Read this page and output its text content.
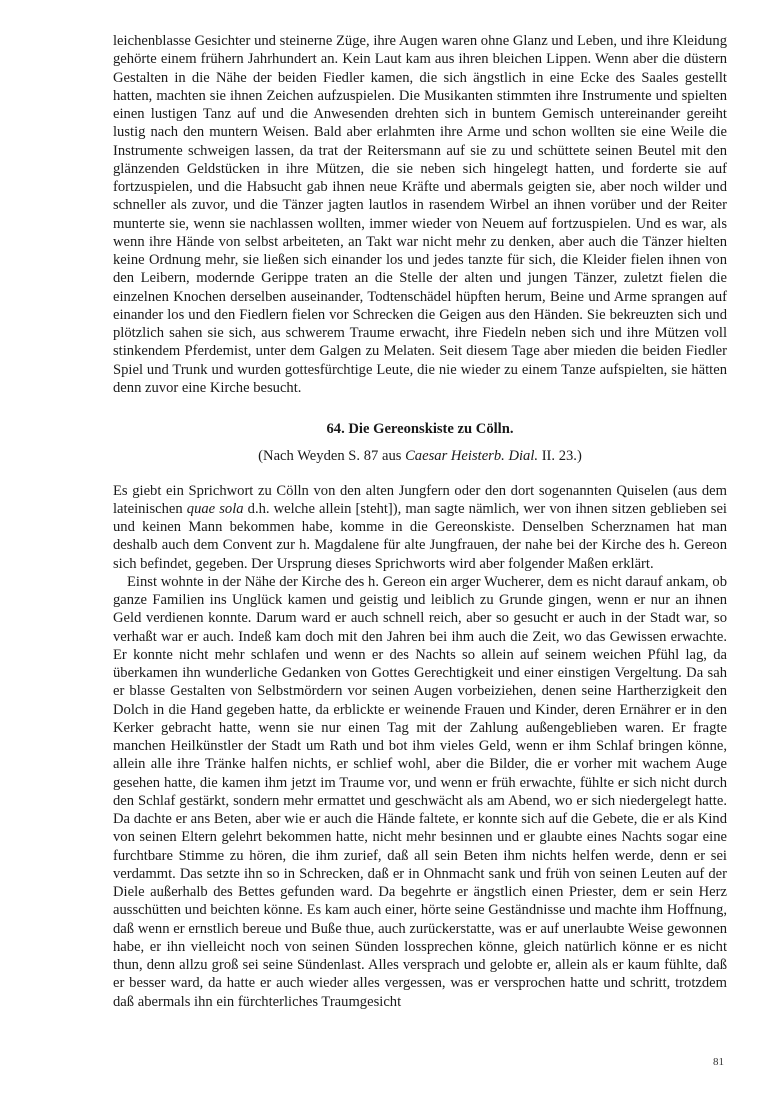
leichenblasse Gesichter und steinerne Züge, ihre Augen waren ohne Glanz und Leben, und ihre Kleidung gehörte einem frühern Jahrhundert an. Kein Laut kam aus ihren bleichen Lippen. Wenn aber die düstern Gestalten in die Nähe der beiden Fiedler kamen, die sich ängstlich in eine Ecke des Saales gestellt hatten, machten sie ihnen Zeichen aufzuspielen. Die Musikanten stimmten ihre Instrumente und spielten einen lustigen Tanz auf und die Anwesenden drehten sich in buntem Gemisch untereinander gereiht lustig nach den muntern Weisen. Bald aber erlahmten ihre Arme und schon wollten sie eine Weile die Instrumente schweigen lassen, da trat der Reitersmann auf sie zu und schüttete seinen Beutel mit den glänzenden Geldstücken in ihre Mützen, die sie neben sich hingelegt hatten, und forderte sie auf fortzuspielen, und die Habsucht gab ihnen neue Kräfte und abermals geigten sie, aber noch wilder und schneller als zuvor, und die Tänzer jagten lautlos in rasendem Wirbel an ihnen vorüber und der Reiter munterte sie, wenn sie nachlassen wollten, immer wieder von Neuem auf fortzuspielen. Und es war, als wenn ihre Hände von selbst arbeiteten, an Takt war nicht mehr zu denken, aber auch die Tänzer hielten keine Ordnung mehr, sie ließen sich einander los und jedes tanzte für sich, die Kleider fielen ihnen von den Leibern, modernde Gerippe traten an die Stelle der alten und jungen Tänzer, zuletzt fielen die einzelnen Knochen derselben auseinander, Todtenschädel hüpften herum, Beine und Arme sprangen auf einander los und den Fiedlern fielen vor Schrecken die Geigen aus den Händen. Sie bekreuzten sich und plötzlich sahen sie sich, aus schwerem Traume erwacht, ihre Fiedeln neben sich und ihre Mützen voll stinkendem Pferdemist, unter dem Galgen zu Melaten. Seit diesem Tage aber mieden die beiden Fiedler Spiel und Trunk und wurden gottesfürchtige Leute, die nie wieder zu einem Tanze aufspielten, sie hätten denn zuvor eine Kirche besucht.

64. Die Gereonskiste zu Cölln.
(Nach Weyden S. 87 aus Caesar Heisterb. Dial. II. 23.)

Es giebt ein Sprichwort zu Cölln von den alten Jungfern oder den dort sogenannten Quiselen (aus dem lateinischen quae sola d.h. welche allein [steht]), man sagte nämlich, wer von ihnen sitzen geblieben sei und keinen Mann bekommen habe, komme in die Gereonskiste. Denselben Scherznamen hat man deshalb auch dem Convent zur h. Magdalene für alte Jungfrauen, der nahe bei der Kirche des h. Gereon sich befindet, gegeben. Der Ursprung dieses Sprichworts wird aber folgender Maßen erklärt.

Einst wohnte in der Nähe der Kirche des h. Gereon ein arger Wucherer, dem es nicht darauf ankam, ob ganze Familien ins Unglück kamen und geistig und leiblich zu Grunde gingen, wenn er nur an ihnen Geld verdienen konnte. Darum ward er auch schnell reich, aber so gesucht er auch in der Stadt war, so verhaßt war er auch. Indeß kam doch mit den Jahren bei ihm auch die Zeit, wo das Gewissen erwachte. Er konnte nicht mehr schlafen und wenn er des Nachts so allein auf seinem weichen Pfühl lag, da überkamen ihn wunderliche Gedanken von Gottes Gerechtigkeit und einer einstigen Vergeltung. Da sah er blasse Gestalten von Selbstmördern vor seinen Augen vorbeiziehen, denen seine Hartherzigkeit den Dolch in die Hand gegeben hatte, da erblickte er weinende Frauen und Kinder, deren Ernährer er in den Kerker gebracht hatte, wenn sie nur einen Tag mit der Zahlung außengeblieben waren. Er fragte manchen Heilkünstler der Stadt um Rath und bot ihm vieles Geld, wenn er ihm Schlaf bringen könne, allein alle ihre Tränke halfen nichts, er schlief wohl, aber die Bilder, die er vorher mit wachem Auge gesehen hatte, die kamen ihm jetzt im Traume vor, und wenn er früh erwachte, fühlte er sich nicht durch den Schlaf gestärkt, sondern mehr ermattet und geschwächt als am Abend, wo er sich niedergelegt hatte. Da dachte er ans Beten, aber wie er auch die Hände faltete, er konnte sich auf die Gebete, die er als Kind von seinen Eltern gelehrt bekommen hatte, nicht mehr besinnen und er glaubte eines Nachts sogar eine furchtbare Stimme zu hören, die ihm zurief, daß all sein Beten ihm nichts helfen werde, denn er sei verdammt. Das setzte ihn so in Schrecken, daß er in Ohnmacht sank und früh von seinen Leuten auf der Diele außerhalb des Bettes gefunden ward. Da begehrte er ängstlich einen Priester, dem er sein Herz ausschütten und beichten könne. Es kam auch einer, hörte seine Geständnisse und machte ihm Hoffnung, daß wenn er ernstlich bereue und Buße thue, auch zurückerstatte, was er auf unerlaubte Weise gewonnen habe, er ihn vielleicht noch von seinen Sünden lossprechen könne, gleich natürlich könne er es nicht thun, denn allzu groß sei seine Sündenlast. Alles versprach und gelobte er, allein als er kaum fühlte, daß er besser ward, da hatte er auch wieder alles vergessen, was er versprochen hatte und schritt, trotzdem daß abermals ihn ein fürchterliches Traumgesicht

81
